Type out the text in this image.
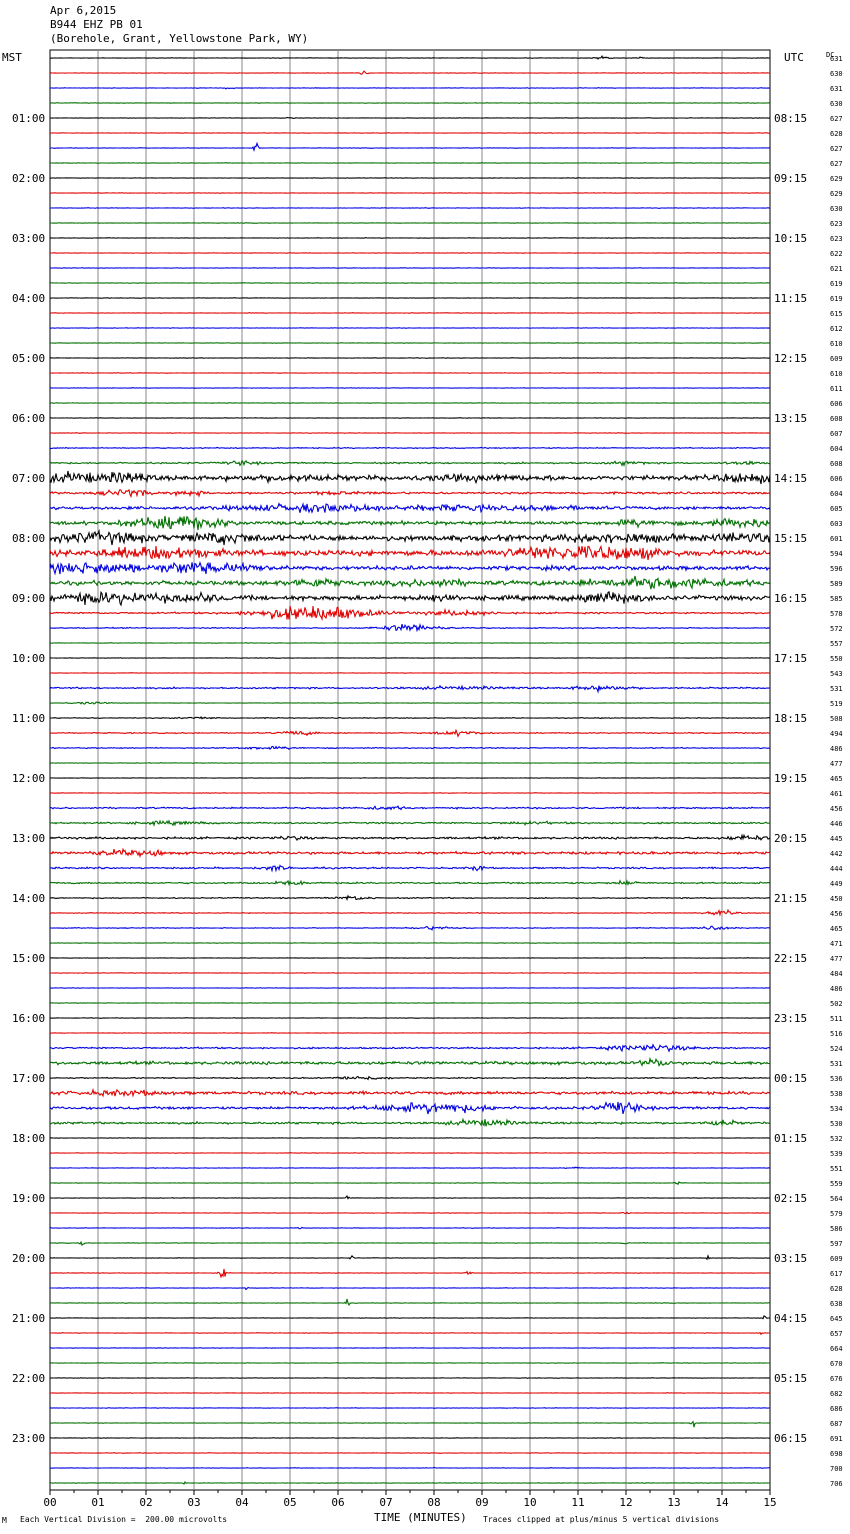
Apr 6,2015
B944 EHZ PB 01
(Borehole, Grant, Yellowstone Park, WY)
00	01	02	03	04	05	06	07	08	09	10	11	12	13	14	15
MST	UTC	DC
01:00
02:00
03:00
04:00
05:00
06:00
07:00
08:00
09:00
10:00
11:00
12:00
13:00
14:00
15:00
16:00
17:00
18:00
19:00
20:00
21:00
22:00
23:00
08:15
09:15
10:15
11:15
12:15
13:15
14:15
15:15
16:15
17:15
18:15
19:15
20:15
21:15
22:15
23:15
00:15
01:15
02:15
03:15
04:15
05:15
06:15
631
630
631
630
627
628
627
627
629
629
630
623
623
622
621
619
619
615
612
610
609
610
611
606
608
607
604
608
606
604
605
603
601
594
596
589
585
578
572
557
550
543
531
519
508
494
486
477
465
461
456
446
445
442
444
449
450
456
465
471
477
484
486
502
511
516
524
531
536
538
534
530
532
539
551
559
564
579
586
597
609
617
628
638
645
657
664
670
676
682
686
687
691
698
700
706
M Each Vertical Division =  200.00 microvolts	TIME (MINUTES) Traces clipped at plus/minus 5 vertical divisions
